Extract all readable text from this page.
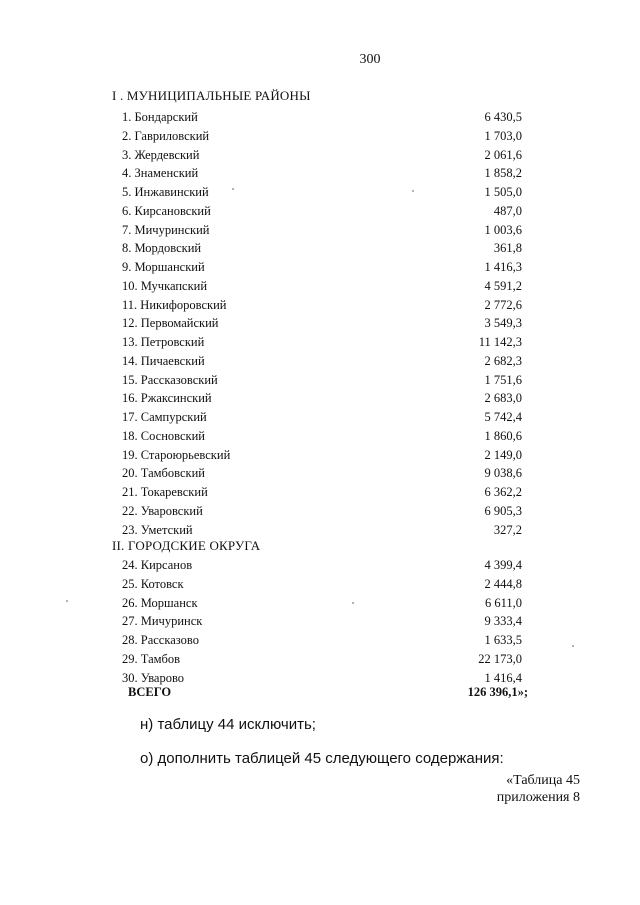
300
I . МУНИЦИПАЛЬНЫЕ РАЙОНЫ
1. Бондарский	6 430,5
2. Гавриловский	1 703,0
3. Жердевский	2 061,6
4. Знаменский	1 858,2
5. Инжавинский	1 505,0
6. Кирсановский	487,0
7. Мичуринский	1 003,6
8. Мордовский	361,8
9. Моршанский	1 416,3
10. Мучкапский	4 591,2
11. Никифоровский	2 772,6
12. Первомайский	3 549,3
13. Петровский	11 142,3
14. Пичаевский	2 682,3
15. Рассказовский	1 751,6
16. Ржаксинский	2 683,0
17. Сампурский	5 742,4
18. Сосновский	1 860,6
19. Староюрьевский	2 149,0
20. Тамбовский	9 038,6
21. Токаревский	6 362,2
22. Уваровский	6 905,3
23. Уметский	327,2
II. ГОРОДСКИЕ ОКРУГА
24. Кирсанов	4 399,4
25. Котовск	2 444,8
26. Моршанск	6 611,0
27. Мичуринск	9 333,4
28. Рассказово	1 633,5
29. Тамбов	22 173,0
30. Уварово	1 416,4
ВСЕГО	126 396,1»;
н) таблицу 44 исключить;
о) дополнить таблицей 45 следующего содержания:
«Таблица 45
приложения 8
